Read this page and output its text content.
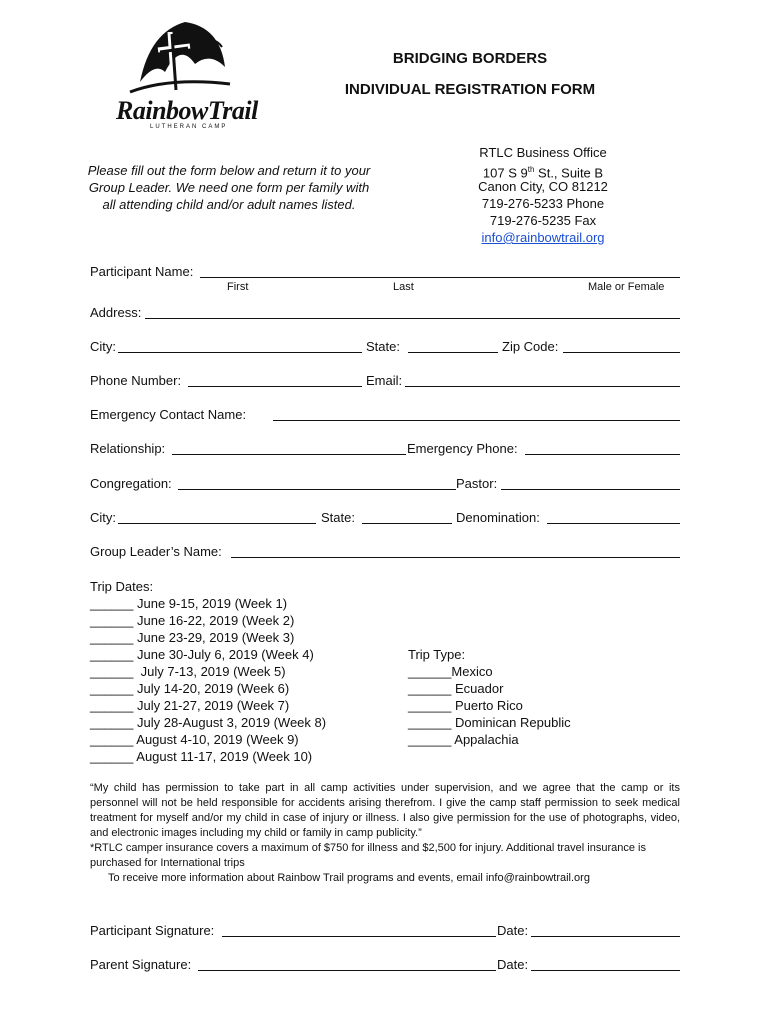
RainbowTrail
LUTHERAN CAMP
BRIDGING BORDERS
INDIVIDUAL REGISTRATION FORM
Please fill out the form below and return it to your Group Leader. We need one form per family with all attending child and/or adult names listed.
RTLC Business Office
107 S 9th St., Suite B
Canon City, CO 81212
719-276-5233 Phone
719-276-5235 Fax
info@rainbowtrail.org
Participant Name:
First	Last	Male or Female
Address:
City:	State:	Zip Code:
Phone Number:	Email:
Emergency Contact Name:
Relationship:	Emergency Phone:
Congregation:	Pastor:
City:	State:	Denomination:
Group Leader’s Name:
Trip Dates:
______ June 9-15, 2019 (Week 1)
______ June 16-22, 2019 (Week 2)
______ June 23-29, 2019 (Week 3)
______ June 30-July 6, 2019 (Week 4)
______  July 7-13, 2019 (Week 5)
______ July 14-20, 2019 (Week 6)
______ July 21-27, 2019 (Week 7)
______ July 28-August 3, 2019 (Week 8)
______ August 4-10, 2019 (Week 9)
______ August 11-17, 2019 (Week 10)
Trip Type:
______Mexico
______ Ecuador
______ Puerto Rico
______ Dominican Republic
______ Appalachia

“My child has permission to take part in all camp activities under supervision, and we agree that the camp or its personnel will not be held responsible for accidents arising therefrom. I give the camp staff permission to seek medical treatment for myself and/or my child in case of injury or illness. I also give permission for the use of photographs, video, and electronic images including my child or family in camp publicity.”

*RTLC camper insurance covers a maximum of $750 for illness and $2,500 for injury. Additional travel insurance is purchased for International trips

To receive more information about Rainbow Trail programs and events, email info@rainbowtrail.org

Participant Signature:	Date:
Parent Signature:	Date:
